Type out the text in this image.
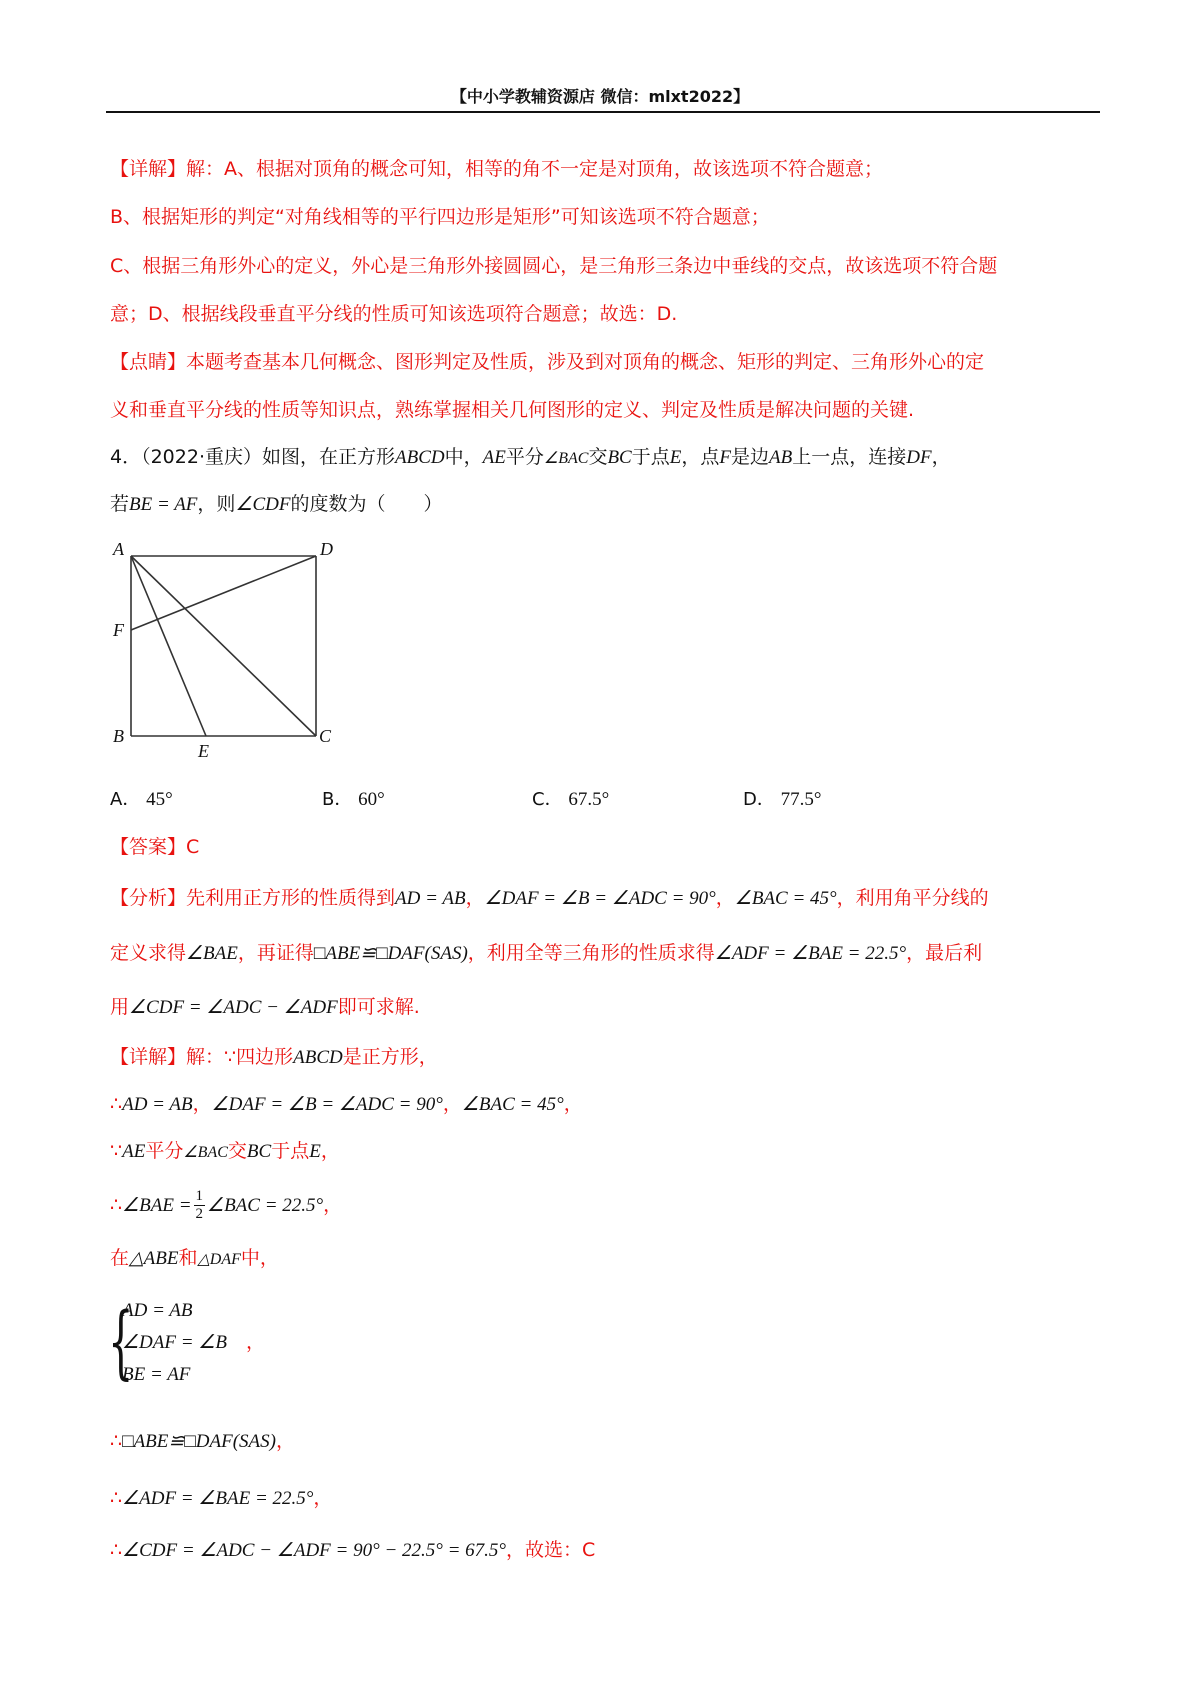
【中小学教辅资源店 微信：mlxt2022】
【详解】解：A、根据对顶角的概念可知，相等的角不一定是对顶角，故该选项不符合题意；
B、根据矩形的判定“对角线相等的平行四边形是矩形”可知该选项不符合题意；
C、根据三角形外心的定义，外心是三角形外接圆圆心，是三角形三条边中垂线的交点，故该选项不符合题
意；D、根据线段垂直平分线的性质可知该选项符合题意；故选：D.
【点睛】本题考查基本几何概念、图形判定及性质，涉及到对顶角的概念、矩形的判定、三角形外心的定
义和垂直平分线的性质等知识点，熟练掌握相关几何图形的定义、判定及性质是解决问题的关键.
4．（2022·重庆）如图，在正方形ABCD中，AE平分∠BAC交BC于点E，点F是边AB上一点，连接DF，
若BE = AF，则∠CDF的度数为（　　）
A	D
F
B	C
E
A． 45°	B． 60°	C． 67.5°	D． 77.5°
【答案】C
【分析】先利用正方形的性质得到AD = AB，∠DAF = ∠B = ∠ADC = 90°，∠BAC = 45°，利用角平分线的
定义求得∠BAE，再证得□ABE≌□DAF(SAS)，利用全等三角形的性质求得∠ADF = ∠BAE = 22.5°，最后利
用∠CDF = ∠ADC − ∠ADF即可求解.
【详解】解：∵四边形ABCD是正方形，
∴AD = AB，∠DAF = ∠B = ∠ADC = 90°，∠BAC = 45°，
∵AE平分∠BAC交BC于点E，
∴∠BAE = $\frac{1}{2}$ ∠BAC = 22.5°，
在△ABE和△DAF中，
{
AD = AB
∠DAF = ∠B
BE = AF
，
∴□ABE≌□DAF(SAS)，
∴∠ADF = ∠BAE = 22.5°，
∴∠CDF = ∠ADC − ∠ADF = 90° − 22.5° = 67.5°，故选：C
